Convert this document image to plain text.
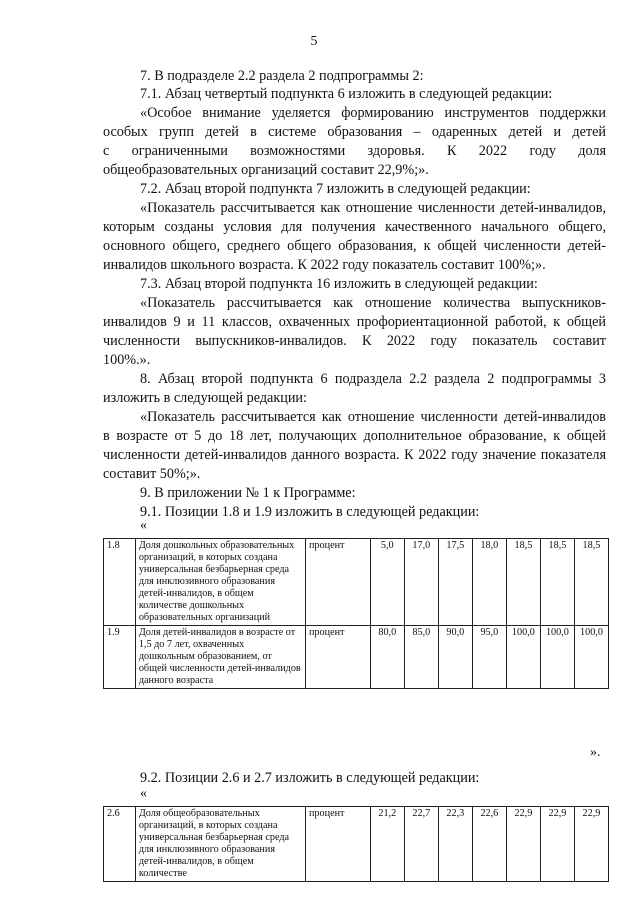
5
7. В подразделе 2.2 раздела 2 подпрограммы 2:
7.1. Абзац четвертый подпункта 6 изложить в следующей редакции:
«Особое внимание уделяется формированию инструментов поддержки
особых групп детей в системе образования – одаренных детей и детей
с ограниченными возможностями здоровья. К 2022 году доля
общеобразовательных организаций составит 22,9%;».
7.2. Абзац второй подпункта 7 изложить в следующей редакции:
«Показатель рассчитывается как отношение численности детей-инвалидов,
которым созданы условия для получения качественного начального общего,
основного общего, среднего общего образования, к общей численности детей-
инвалидов школьного возраста. К 2022 году показатель составит 100%;».
7.3. Абзац второй подпункта 16 изложить в следующей редакции:
«Показатель рассчитывается как отношение количества выпускников-
инвалидов 9 и 11 классов, охваченных профориентационной работой, к общей
численности выпускников-инвалидов. К 2022 году показатель составит
100%.».
8. Абзац второй подпункта 6 подраздела 2.2 раздела 2 подпрограммы 3
изложить в следующей редакции:
«Показатель рассчитывается как отношение численности детей-инвалидов
в возрасте от 5 до 18 лет, получающих дополнительное образование, к общей
численности детей-инвалидов данного возраста. К 2022 году значение показателя
составит 50%;».
9. В приложении № 1 к Программе:
9.1. Позиции 1.8 и 1.9 изложить в следующей редакции:
«
1.8	Доля дошкольных образовательных организаций, в которых создана универсальная безбарьерная среда для инклюзивного образования детей-инвалидов, в общем количестве дошкольных образовательных организаций	процент	5,0	17,0	17,5	18,0	18,5	18,5	18,5
1.9	Доля детей-инвалидов в возрасте от 1,5 до 7 лет, охваченных дошкольным образованием, от общей численности детей-инвалидов данного возраста	процент	80,0	85,0	90,0	95,0	100,0	100,0	100,0
».
9.2. Позиции 2.6 и 2.7 изложить в следующей редакции:
«
2.6	Доля общеобразовательных организаций, в которых создана универсальная безбарьерная среда для инклюзивного образования детей-инвалидов, в общем количестве	процент	21,2	22,7	22,3	22,6	22,9	22,9	22,9
